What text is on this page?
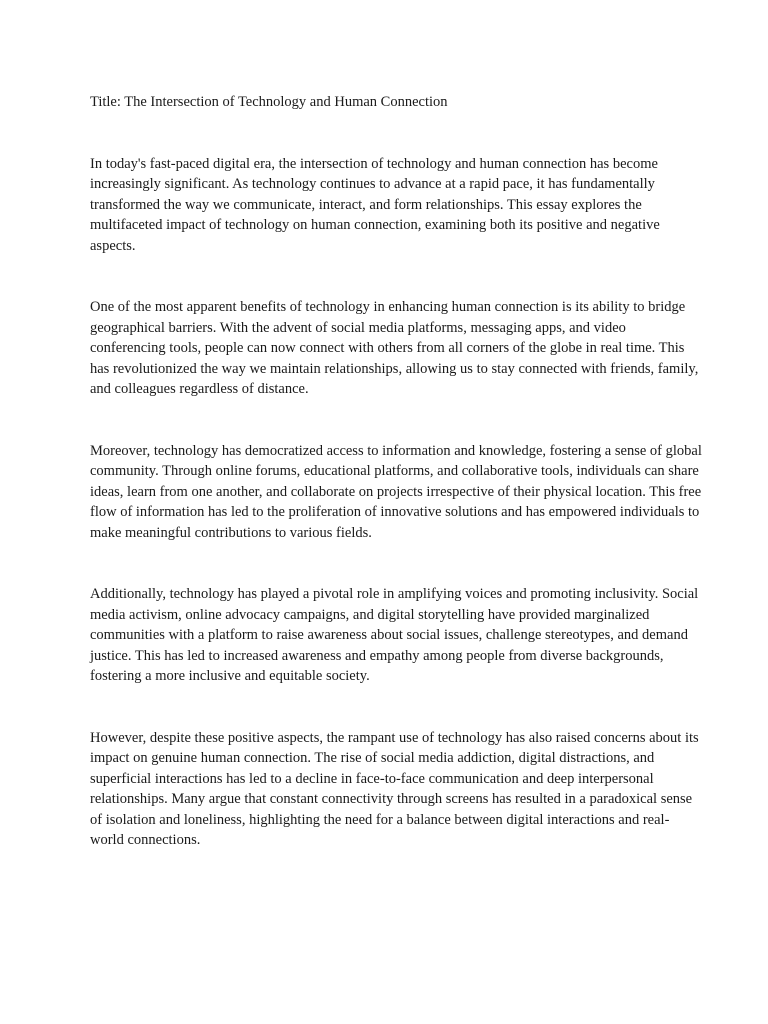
Title: The Intersection of Technology and Human Connection

In today's fast-paced digital era, the intersection of technology and human connection has become increasingly significant. As technology continues to advance at a rapid pace, it has fundamentally transformed the way we communicate, interact, and form relationships. This essay explores the multifaceted impact of technology on human connection, examining both its positive and negative aspects.

One of the most apparent benefits of technology in enhancing human connection is its ability to bridge geographical barriers. With the advent of social media platforms, messaging apps, and video conferencing tools, people can now connect with others from all corners of the globe in real time. This has revolutionized the way we maintain relationships, allowing us to stay connected with friends, family, and colleagues regardless of distance.

Moreover, technology has democratized access to information and knowledge, fostering a sense of global community. Through online forums, educational platforms, and collaborative tools, individuals can share ideas, learn from one another, and collaborate on projects irrespective of their physical location. This free flow of information has led to the proliferation of innovative solutions and has empowered individuals to make meaningful contributions to various fields.

Additionally, technology has played a pivotal role in amplifying voices and promoting inclusivity. Social media activism, online advocacy campaigns, and digital storytelling have provided marginalized communities with a platform to raise awareness about social issues, challenge stereotypes, and demand justice. This has led to increased awareness and empathy among people from diverse backgrounds, fostering a more inclusive and equitable society.

However, despite these positive aspects, the rampant use of technology has also raised concerns about its impact on genuine human connection. The rise of social media addiction, digital distractions, and superficial interactions has led to a decline in face-to-face communication and deep interpersonal relationships. Many argue that constant connectivity through screens has resulted in a paradoxical sense of isolation and loneliness, highlighting the need for a balance between digital interactions and real-world connections.
